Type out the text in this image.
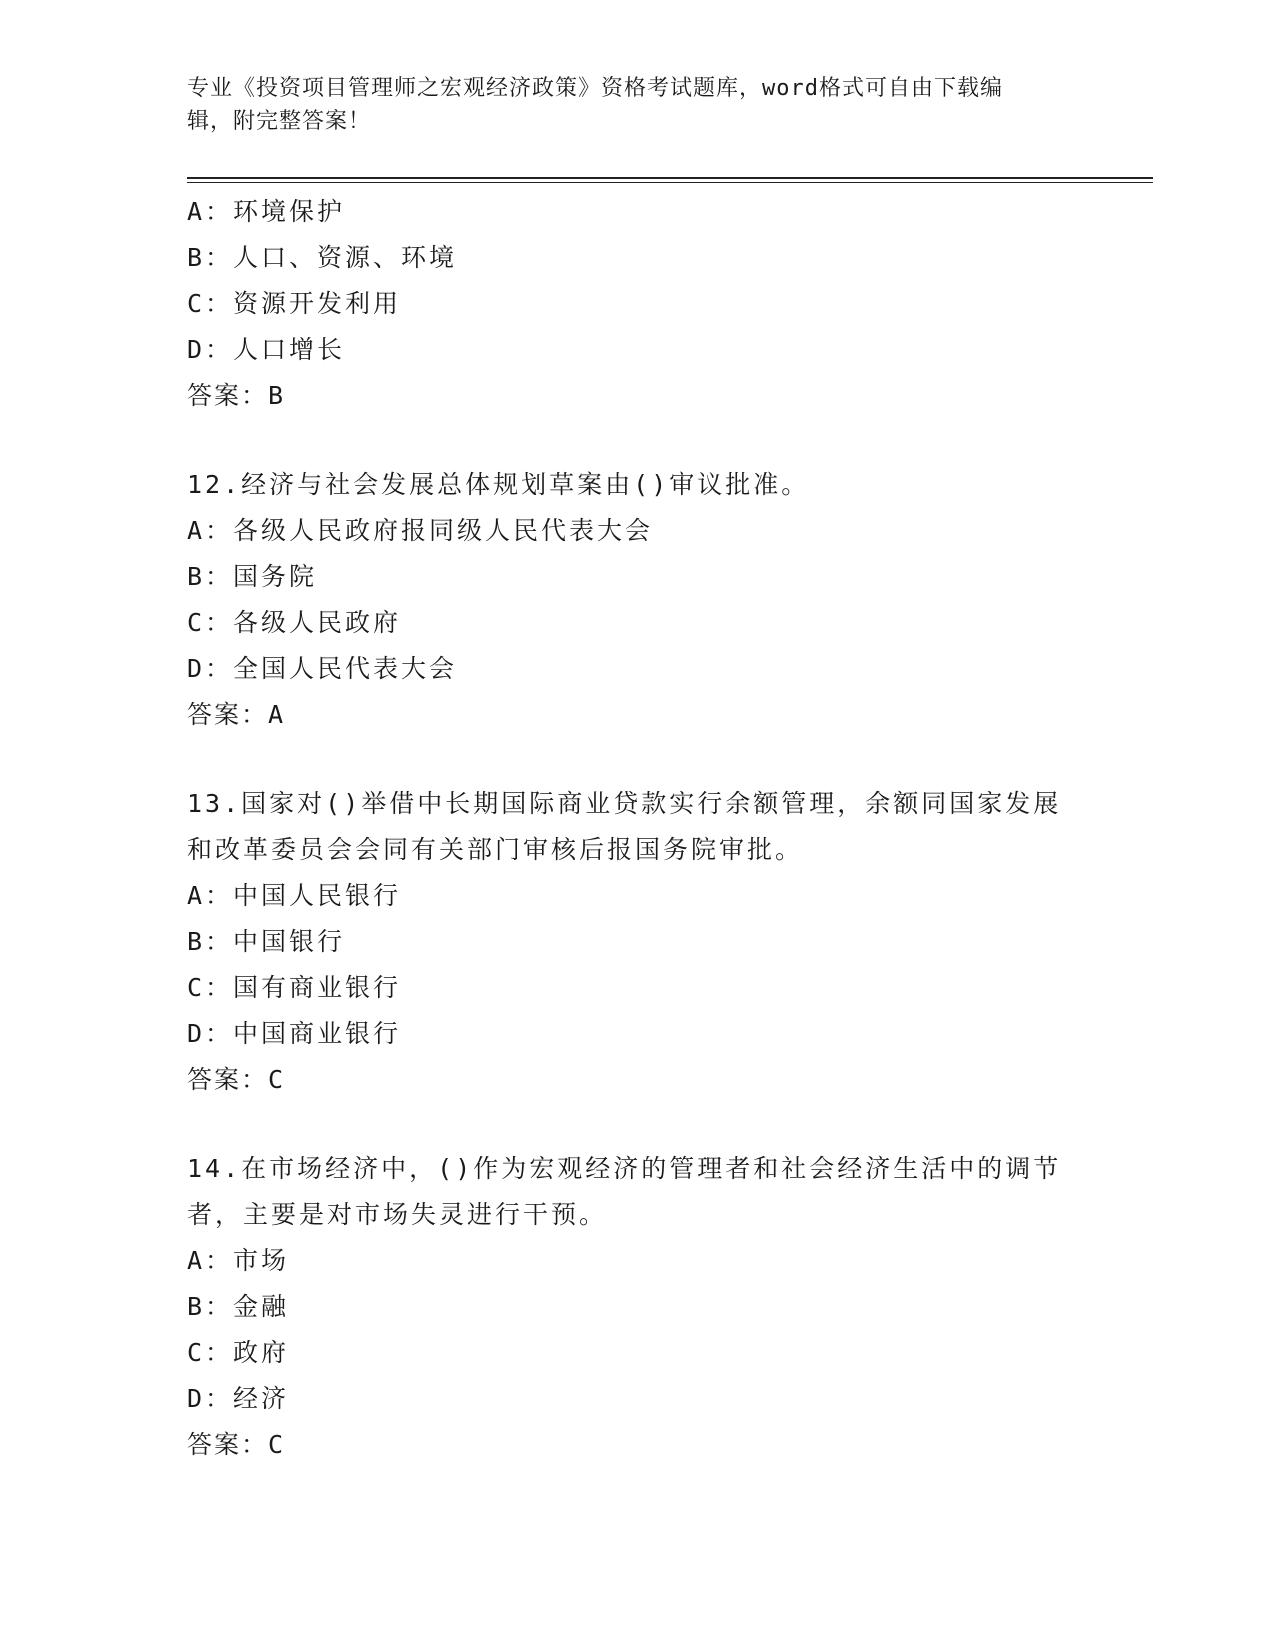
专业《投资项目管理师之宏观经济政策》资格考试题库，word格式可自由下载编
辑，附完整答案！
A：环境保护
B：人口、资源、环境
C：资源开发利用
D：人口增长
答案：B
12.经济与社会发展总体规划草案由()审议批准。
A：各级人民政府报同级人民代表大会
B：国务院
C：各级人民政府
D：全国人民代表大会
答案：A
13.国家对()举借中长期国际商业贷款实行余额管理，余额同国家发展
和改革委员会会同有关部门审核后报国务院审批。
A：中国人民银行
B：中国银行
C：国有商业银行
D：中国商业银行
答案：C
14.在市场经济中，()作为宏观经济的管理者和社会经济生活中的调节
者，主要是对市场失灵进行干预。
A：市场
B：金融
C：政府
D：经济
答案：C
